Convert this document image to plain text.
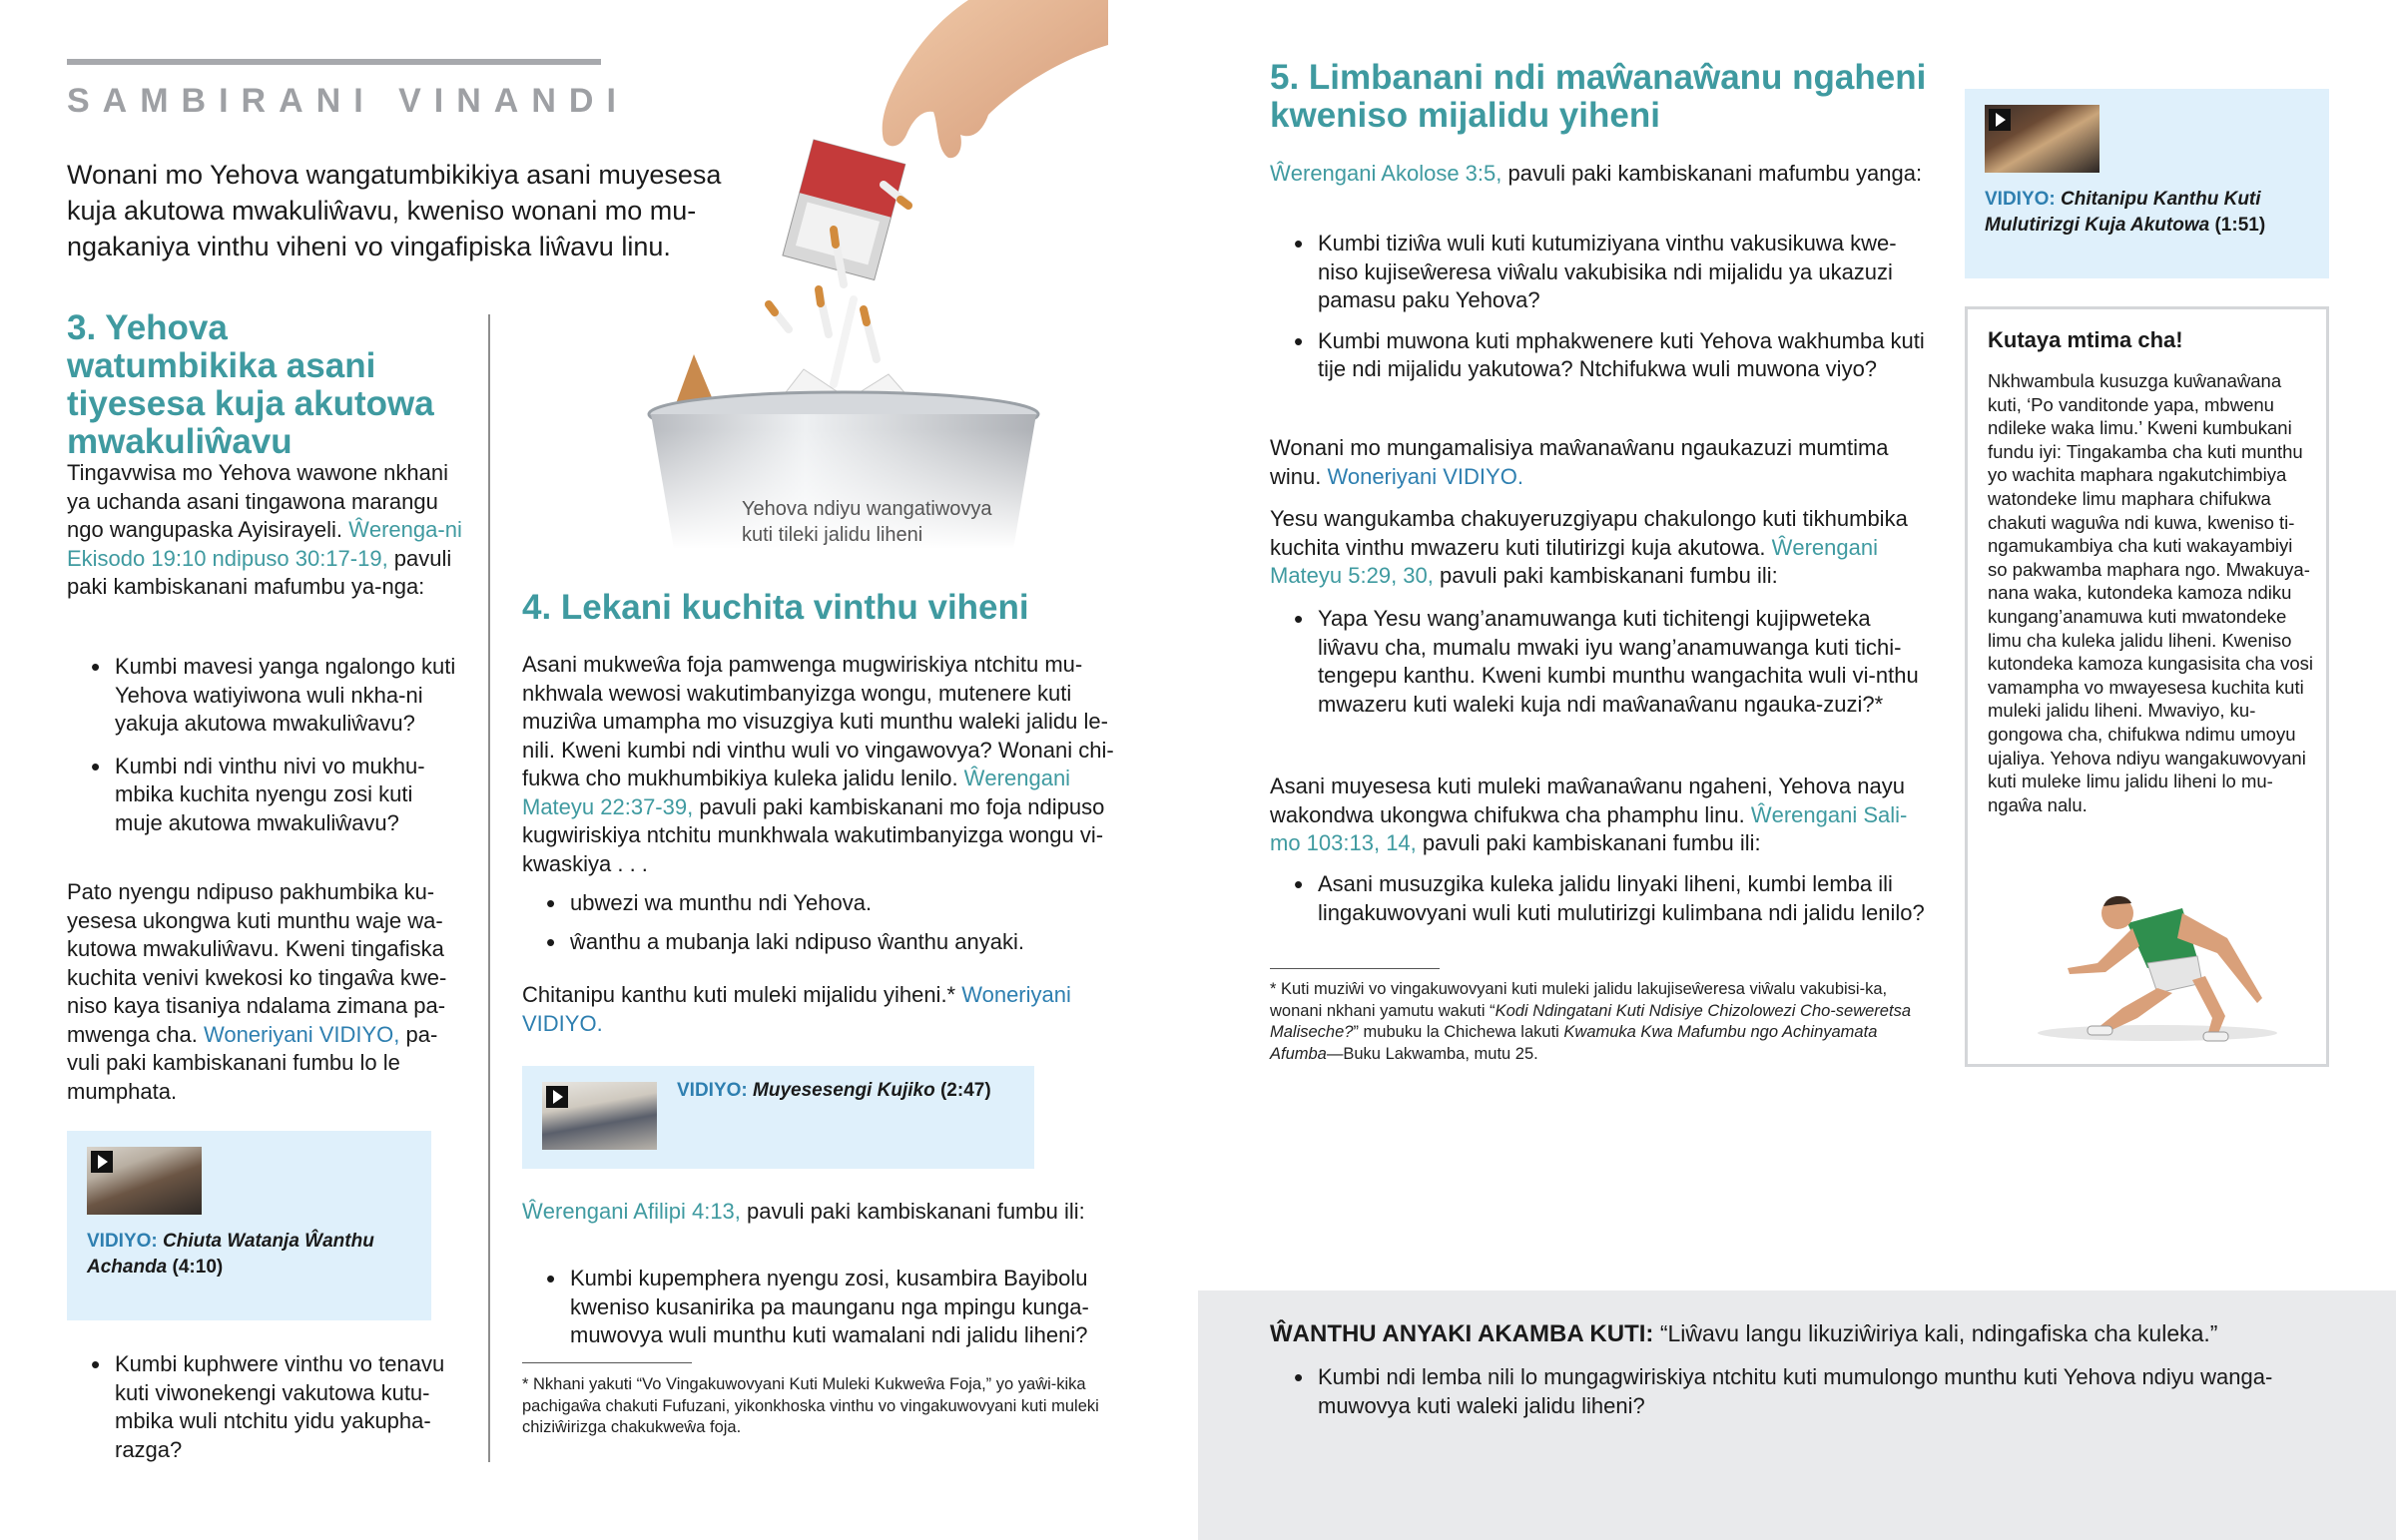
SAMBIRANI VINANDI
Wonani mo Yehova wangatumbikikiya asani muyesesa kuja akutowa mwakuliŵavu, kweniso wonani mo mu-ngakaniya vinthu viheni vo vingafipiska liŵavu linu.
3. Yehova watumbikika asani tiyesesa kuja akutowa mwakuliŵavu
Tingavwisa mo Yehova wawone nkhani ya uchanda asani tingawona marangu ngo wangupaska Ayisirayeli. Ŵerenga-ni Ekisodo 19:10 ndipuso 30:17-19, pavuli paki kambiskanani mafumbu ya-nga:
• Kumbi mavesi yanga ngalongo kuti Yehova watiyiwona wuli nkha-ni yakuja akutowa mwakuliŵavu?
• Kumbi ndi vinthu nivi vo mukhu-mbika kuchita nyengu zosi kuti muje akutowa mwakuliŵavu?
Pato nyengu ndipuso pakhumbika ku-yesesa ukongwa kuti munthu waje wa-kutowa mwakuliŵavu. Kweni tingafiska kuchita venivi kwekosi ko tingaŵa kwe-niso kaya tisaniya ndalama zimana pa-mwenga cha. Woneriyani VIDIYO, pa-vuli paki kambiskanani fumbu lo le mumphata.
VIDIYO: Chiuta Watanja Ŵanthu Achanda (4:10)
• Kumbi kuphwere vinthu vo tenavu kuti viwonekengi vakutowa kutu-mbika wuli ntchitu yidu yakupha-razga?
Yehova ndiyu wangatiwovya kuti tileki jalidu liheni
4. Lekani kuchita vinthu viheni
Asani mukweŵa foja pamwenga mugwiriskiya ntchitu mu-nkhwala wewosi wakutimbanyizga wongu, mutenere kuti muziŵa umampha mo visuzgiya kuti munthu waleki jalidu le-nili. Kweni kumbi ndi vinthu wuli vo vingawovya? Wonani chi-fukwa cho mukhumbikiya kuleka jalidu lenilo. Ŵerengani Mateyu 22:37-39, pavuli paki kambiskanani mo foja ndipuso kugwiriskiya ntchitu munkhwala wakutimbanyizga wongu vi-kwaskiya . . .
• ubwezi wa munthu ndi Yehova.
• ŵanthu a mubanja laki ndipuso ŵanthu anyaki.
Chitanipu kanthu kuti muleki mijalidu yiheni.* Woneriyani VIDIYO.
VIDIYO: Muyesesengi Kujiko (2:47)
Ŵerengani Afilipi 4:13, pavuli paki kambiskanani fumbu ili:
• Kumbi kupemphera nyengu zosi, kusambira Bayibolu kweniso kusanirika pa maunganu nga mpingu kunga-muwovya wuli munthu kuti wamalani ndi jalidu liheni?
* Nkhani yakuti “Vo Vingakuwovyani Kuti Muleki Kukweŵa Foja,” yo yaŵi-kika pachigaŵa chakuti Fufuzani, yikonkhoska vinthu vo vingakuwovyani kuti muleki chiziŵirizga chakukweŵa foja.
5. Limbanani ndi maŵanaŵanu ngaheni kweniso mijalidu yiheni
Ŵerengani Akolose 3:5, pavuli paki kambiskanani mafumbu yanga:
• Kumbi tiziŵa wuli kuti kutumiziyana vinthu vakusikuwa kwe-niso kujiseŵeresa viŵalu vakubisika ndi mijalidu ya ukazuzi pamasu paku Yehova?
• Kumbi muwona kuti mphakwenere kuti Yehova wakhumba kuti tije ndi mijalidu yakutowa? Ntchifukwa wuli muwona viyo?
Wonani mo mungamalisiya maŵanaŵanu ngaukazuzi mumtima winu. Woneriyani VIDIYO.
Yesu wangukamba chakuyeruzgiyapu chakulongo kuti tikhumbika kuchita vinthu mwazeru kuti tilutirizgi kuja akutowa. Ŵerengani Mateyu 5:29, 30, pavuli paki kambiskanani fumbu ili:
• Yapa Yesu wang’anamuwanga kuti tichitengi kujipweteka liŵavu cha, mumalu mwaki iyu wang’anamuwanga kuti tichi-tengepu kanthu. Kweni kumbi munthu wangachita wuli vi-nthu mwazeru kuti waleki kuja ndi maŵanaŵanu ngauka-zuzi?*
Asani muyesesa kuti muleki maŵanaŵanu ngaheni, Yehova nayu wakondwa ukongwa chifukwa cha phamphu linu. Ŵerengani Sali-mo 103:13, 14, pavuli paki kambiskanani fumbu ili:
• Asani musuzgika kuleka jalidu linyaki liheni, kumbi lemba ili lingakuwovyani wuli kuti mulutirizgi kulimbana ndi jalidu lenilo?
* Kuti muziŵi vo vingakuwovyani kuti muleki jalidu lakujiseŵeresa viŵalu vakubisi-ka, wonani nkhani yamutu wakuti “Kodi Ndingatani Kuti Ndisiye Chizolowezi Cho-seweretsa Maliseche?” mubuku la Chichewa lakuti Kwamuka Kwa Mafumbu ngo Achinyamata Afumba—Buku Lakwamba, mutu 25.
VIDIYO: Chitanipu Kanthu Kuti Mulutirizgi Kuja Akutowa (1:51)
Kutaya mtima cha!
Nkhwambula kusuzga kuŵanaŵana kuti, ‘Po vanditonde yapa, mbwenu ndileke waka limu.’ Kweni kumbukani fundu iyi: Tingakamba cha kuti munthu yo wachita maphara ngakutchimbiya watondeke limu maphara chifukwa chakuti waguŵa ndi kuwa, kweniso ti-ngamukambiya cha kuti wakayambiyi so pakwamba maphara ngo. Mwakuya-nana waka, kutondeka kamoza ndiku kungang’anamuwa kuti mwatondeke limu cha kuleka jalidu liheni. Kweniso kutondeka kamoza kungasisita cha vosi vamampha vo mwayesesa kuchita kuti muleki jalidu liheni. Mwaviyo, ku-gongowa cha, chifukwa ndimu umoyu ujaliya. Yehova ndiyu wangakuwovyani kuti muleke limu jalidu liheni lo mu-ngaŵa nalu.
ŴANTHU ANYAKI AKAMBA KUTI: “Liŵavu langu likuziŵiriya kali, ndingafiska cha kuleka.”
• Kumbi ndi lemba nili lo mungagwiriskiya ntchitu kuti mumulongo munthu kuti Yehova ndiyu wanga-muwovya kuti waleki jalidu liheni?
